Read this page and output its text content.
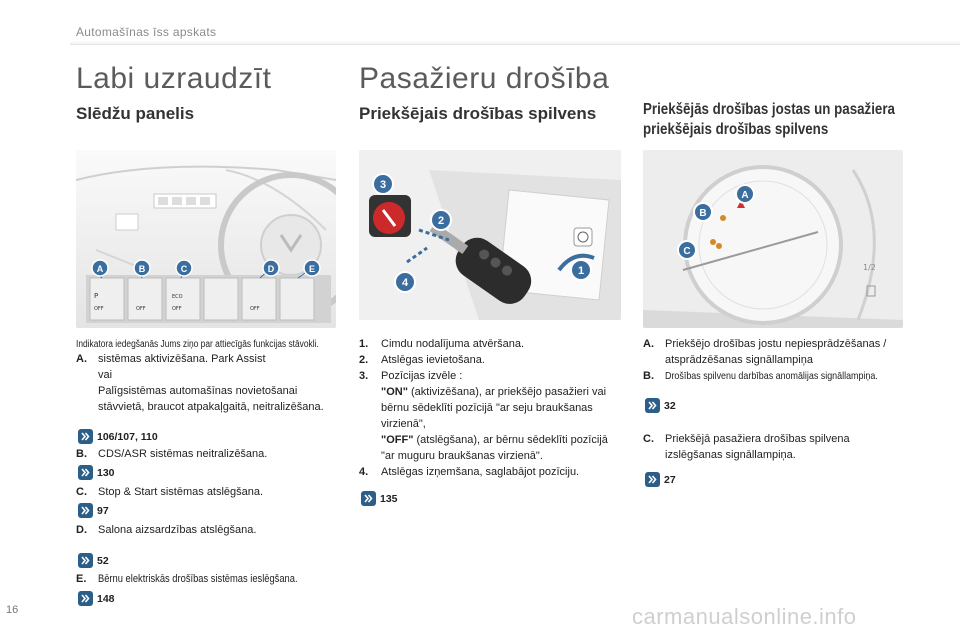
Automašīnas īss apskats
Labi uzraudzīt
Slēdžu panelis
P
OFF	OFF
ECO
OFF	OFF
A	B	C	D	E
Indikatora iedegšanās Jums ziņo par attiecīgās funkcijas stāvokli.
A. sistēmas aktivizēšana. Park Assist
vai
Palīgsistēmas automašīnas novietošanai
stāvvietā, braucot atpakaļgaitā, neitralizēšana.
106/107, 110
B. CDS/ASR sistēmas neitralizēšana.
130
C. Stop & Start sistēmas atslēgšana.
97
D. Salona aizsardzības atslēgšana.
52
E. Bērnu elektriskās drošības sistēmas ieslēgšana.
148
Pasažieru drošība
Priekšējais drošības spilvens
3
2
4
1
1. Cimdu nodalījuma atvēršana.
2. Atslēgas ievietošana.
3. Pozīcijas izvēle :
"ON" (aktivizēšana), ar priekšējo pasažieri vai bērnu sēdeklīti pozīcijā "ar seju braukšanas virzienā",
"OFF" (atslēgšana), ar bērnu sēdeklīti pozīcijā "ar muguru braukšanas virzienā".
4. Atslēgas izņemšana, saglabājot pozīciju.
135
Priekšējās drošības jostas un pasažiera
priekšējais drošības spilvens
1/2
A
B
C
A. Priekšējo drošības jostu nepiesprādzēšanas /
atsprādzēšanas signāllampiņa
B. Drošības spilvenu darbības anomālijas signāllampiņa.
32
C. Priekšējā pasažiera drošības spilvena
izslēgšanas signāllampiņa.
27
16	carmanualsonline.info
